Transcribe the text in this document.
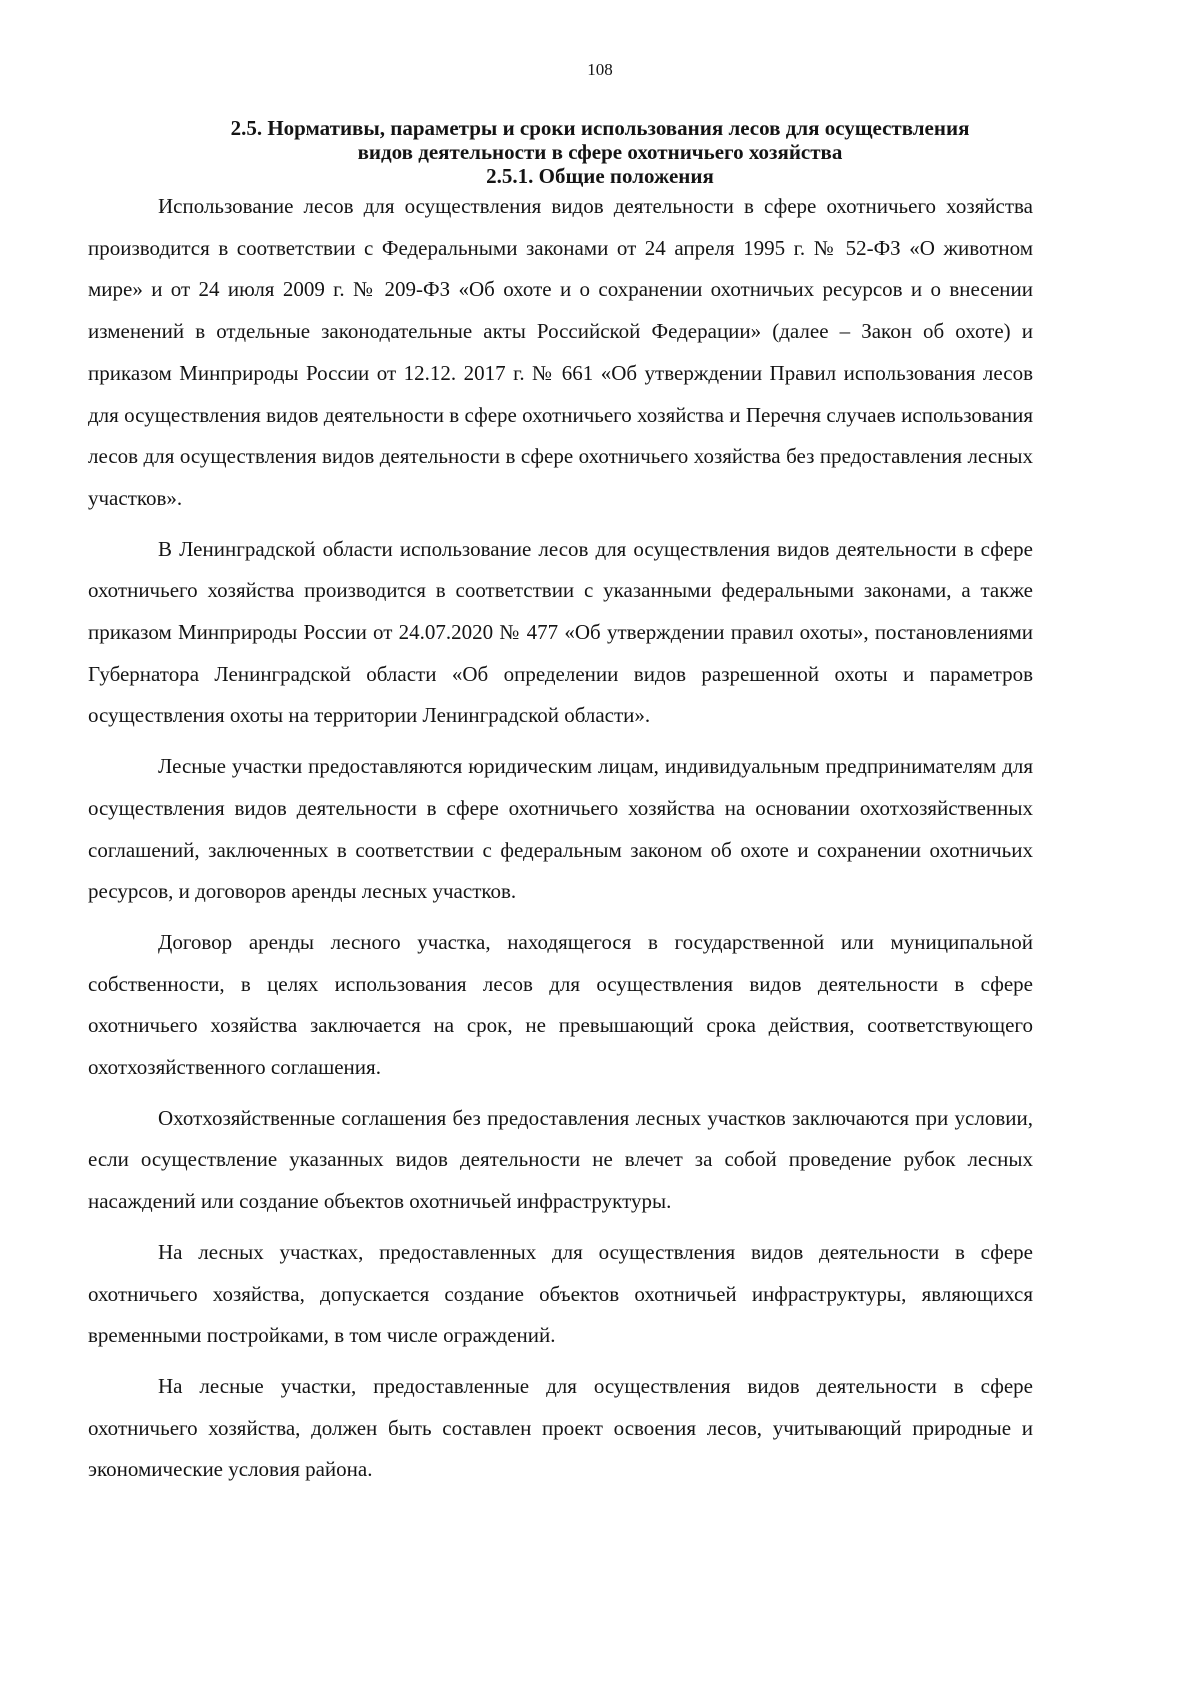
108
2.5. Нормативы, параметры и сроки использования лесов для осуществления
видов деятельности в сфере охотничьего хозяйства
2.5.1. Общие положения

Использование лесов для осуществления видов деятельности в сфере охотничьего хозяйства производится в соответствии с Федеральными законами от 24 апреля 1995 г. № 52-ФЗ «О животном мире» и от 24 июля 2009 г. № 209-ФЗ «Об охоте и о сохранении охотничьих ресурсов и о внесении изменений в отдельные законодательные акты Российской Федерации» (далее – Закон об охоте) и приказом Минприроды России от 12.12. 2017 г. № 661 «Об утверждении Правил использования лесов для осуществления видов деятельности в сфере охотничьего хозяйства и Перечня случаев использования лесов для осуществления видов деятельности в сфере охотничьего хозяйства без предоставления лесных участков».

В Ленинградской области использование лесов для осуществления видов деятельности в сфере охотничьего хозяйства производится в соответствии с указанными федеральными законами, а также приказом Минприроды России от 24.07.2020 № 477 «Об утверждении правил охоты», постановлениями Губернатора Ленинградской области «Об определении видов разрешенной охоты и параметров осуществления охоты на территории Ленинградской области».

Лесные участки предоставляются юридическим лицам, индивидуальным предпринимателям для осуществления видов деятельности в сфере охотничьего хозяйства на основании охотхозяйственных соглашений, заключенных в соответствии с федеральным законом об охоте и сохранении охотничьих ресурсов, и договоров аренды лесных участков.

Договор аренды лесного участка, находящегося в государственной или муниципальной собственности, в целях использования лесов для осуществления видов деятельности в сфере охотничьего хозяйства заключается на срок, не превышающий срока действия, соответствующего охотхозяйственного соглашения.

Охотхозяйственные соглашения без предоставления лесных участков заключаются при условии, если осуществление указанных видов деятельности не влечет за собой проведение рубок лесных насаждений или создание объектов охотничьей инфраструктуры.

На лесных участках, предоставленных для осуществления видов деятельности в сфере охотничьего хозяйства, допускается создание объектов охотничьей инфраструктуры, являющихся временными постройками, в том числе ограждений.

На лесные участки, предоставленные для осуществления видов деятельности в сфере охотничьего хозяйства, должен быть составлен проект освоения лесов, учитывающий природные и экономические условия района.
